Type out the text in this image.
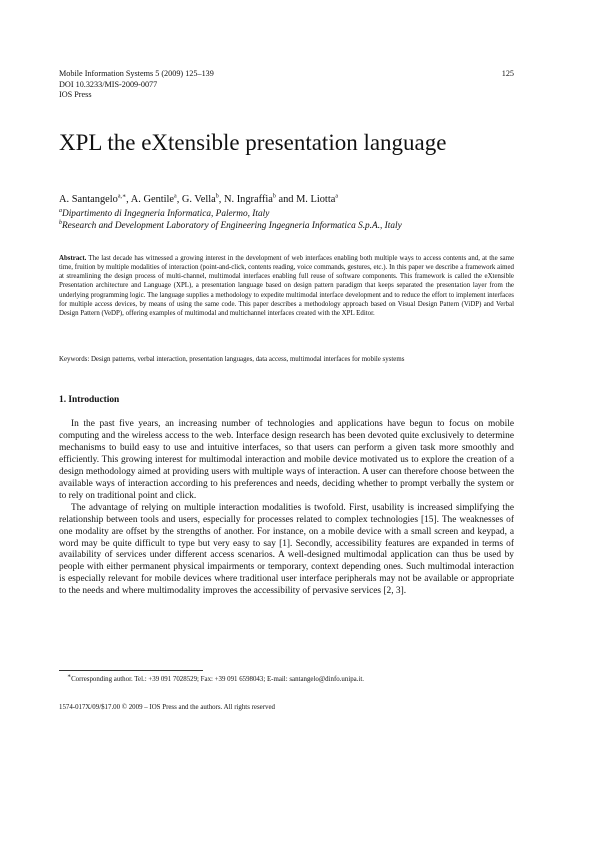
Mobile Information Systems 5 (2009) 125–139
DOI 10.3233/MIS-2009-0077
IOS Press
125
XPL the eXtensible presentation language
A. Santangelo$^{a,∗}$, A. Gentile$^a$, G. Vella$^b$, N. Ingraffia$^b$ and M. Liotta$^a$
$^a$Dipartimento di Ingegneria Informatica, Palermo, Italy
$^b$Research and Development Laboratory of Engineering Ingegneria Informatica S.p.A., Italy
Abstract. The last decade has witnessed a growing interest in the development of web interfaces enabling both multiple ways to access contents and, at the same time, fruition by multiple modalities of interaction (point-and-click, contents reading, voice commands, gestures, etc.). In this paper we describe a framework aimed at streamlining the design process of multi-channel, multimodal interfaces enabling full reuse of software components. This framework is called the eXtensible Presentation architecture and Language (XPL), a presentation language based on design pattern paradigm that keeps separated the presentation layer from the underlying programming logic. The language supplies a methodology to expedite multimodal interface development and to reduce the effort to implement interfaces for multiple access devices, by means of using the same code. This paper describes a methodology approach based on Visual Design Pattern (ViDP) and Verbal Design Pattern (VeDP), offering examples of multimodal and multichannel interfaces created with the XPL Editor.
Keywords: Design patterns, verbal interaction, presentation languages, data access, multimodal interfaces for mobile systems
1. Introduction

In the past five years, an increasing number of technologies and applications have begun to focus on mobile computing and the wireless access to the web. Interface design research has been devoted quite exclusively to determine mechanisms to build easy to use and intuitive interfaces, so that users can perform a given task more smoothly and efficiently. This growing interest for multimodal interaction and mobile device motivated us to explore the creation of a design methodology aimed at providing users with multiple ways of interaction. A user can therefore choose between the available ways of interaction according to his preferences and needs, deciding whether to prompt verbally the system or to rely on traditional point and click.

The advantage of relying on multiple interaction modalities is twofold. First, usability is increased simplifying the relationship between tools and users, especially for processes related to complex technologies [15]. The weaknesses of one modality are offset by the strengths of another. For instance, on a mobile device with a small screen and keypad, a word may be quite difficult to type but very easy to say [1]. Secondly, accessibility features are expanded in terms of availability of services under different access scenarios. A well-designed multimodal application can thus be used by people with either permanent physical impairments or temporary, context depending ones. Such multimodal interaction is especially relevant for mobile devices where traditional user interface peripherals may not be available or appropriate to the needs and where multimodality improves the accessibility of pervasive services [2, 3].

∗Corresponding author. Tel.: +39 091 7028529; Fax: +39 091 6598043; E-mail: santangelo@dinfo.unipa.it.
1574-017X/09/$17.00 © 2009 – IOS Press and the authors. All rights reserved
